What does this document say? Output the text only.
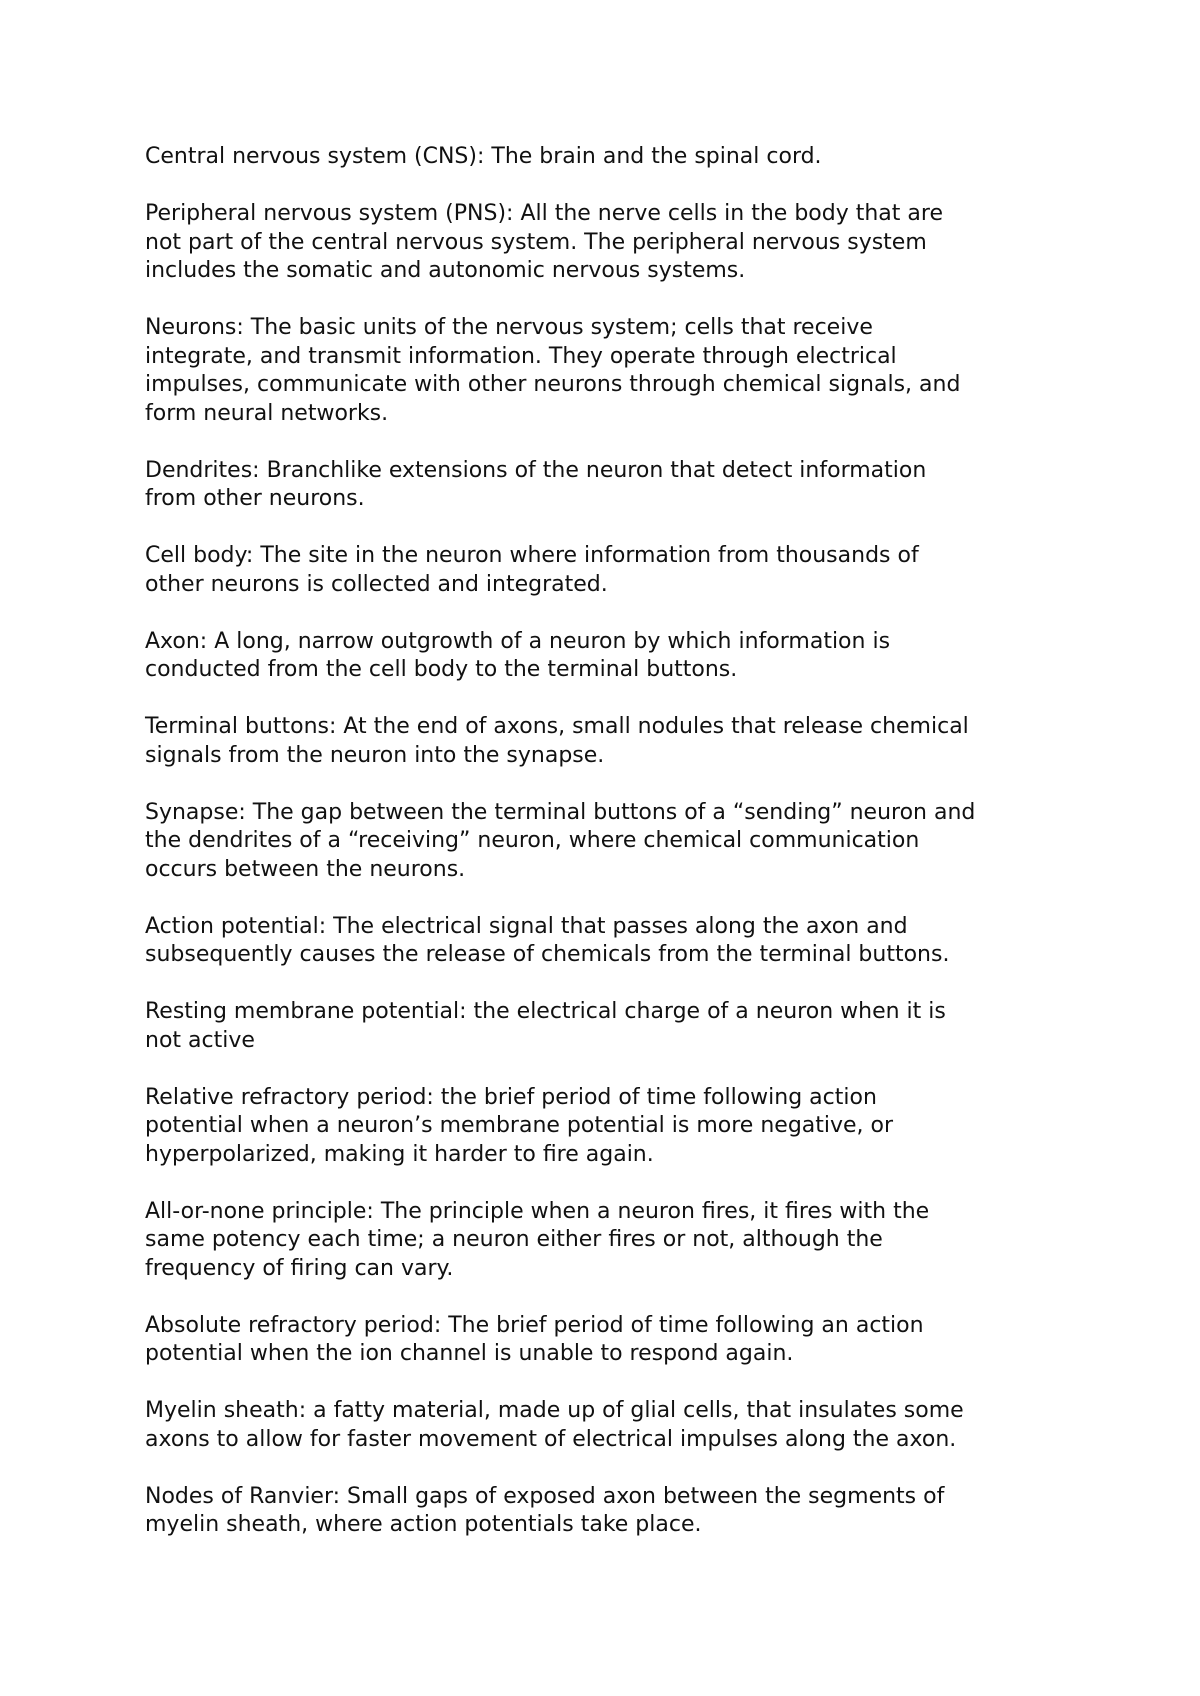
Central nervous system (CNS): The brain and the spinal cord.

Peripheral nervous system (PNS): All the nerve cells in the body that are
not part of the central nervous system. The peripheral nervous system
includes the somatic and autonomic nervous systems.

Neurons: The basic units of the nervous system; cells that receive
integrate, and transmit information. They operate through electrical
impulses, communicate with other neurons through chemical signals, and
form neural networks.

Dendrites: Branchlike extensions of the neuron that detect information
from other neurons.

Cell body: The site in the neuron where information from thousands of
other neurons is collected and integrated.

Axon: A long, narrow outgrowth of a neuron by which information is
conducted from the cell body to the terminal buttons.

Terminal buttons: At the end of axons, small nodules that release chemical
signals from the neuron into the synapse.

Synapse: The gap between the terminal buttons of a “sending” neuron and
the dendrites of a “receiving” neuron, where chemical communication
occurs between the neurons.

Action potential: The electrical signal that passes along the axon and
subsequently causes the release of chemicals from the terminal buttons.

Resting membrane potential: the electrical charge of a neuron when it is
not active

Relative refractory period: the brief period of time following action
potential when a neuron’s membrane potential is more negative, or
hyperpolarized, making it harder to fire again.

All-or-none principle: The principle when a neuron fires, it fires with the
same potency each time; a neuron either fires or not, although the
frequency of firing can vary.

Absolute refractory period: The brief period of time following an action
potential when the ion channel is unable to respond again.

Myelin sheath: a fatty material, made up of glial cells, that insulates some
axons to allow for faster movement of electrical impulses along the axon.

Nodes of Ranvier: Small gaps of exposed axon between the segments of
myelin sheath, where action potentials take place.
